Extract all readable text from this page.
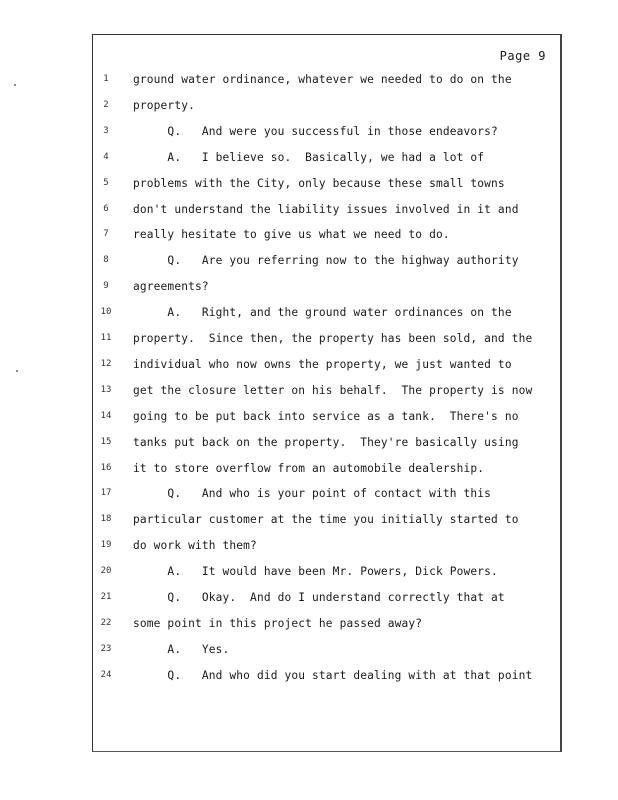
Page 9
1	ground water ordinance, whatever we needed to do on the
2	property.
3	Q.   And were you successful in those endeavors?
4	A.   I believe so.  Basically, we had a lot of
5	problems with the City, only because these small towns
6	don't understand the liability issues involved in it and
7	really hesitate to give us what we need to do.
8	Q.   Are you referring now to the highway authority
9	agreements?
10	A.   Right, and the ground water ordinances on the
11	property.  Since then, the property has been sold, and the
12	individual who now owns the property, we just wanted to
13	get the closure letter on his behalf.  The property is now
14	going to be put back into service as a tank.  There's no
15	tanks put back on the property.  They're basically using
16	it to store overflow from an automobile dealership.
17	Q.   And who is your point of contact with this
18	particular customer at the time you initially started to
19	do work with them?
20	A.   It would have been Mr. Powers, Dick Powers.
21	Q.   Okay.  And do I understand correctly that at
22	some point in this project he passed away?
23	A.   Yes.
24	Q.   And who did you start dealing with at that point
